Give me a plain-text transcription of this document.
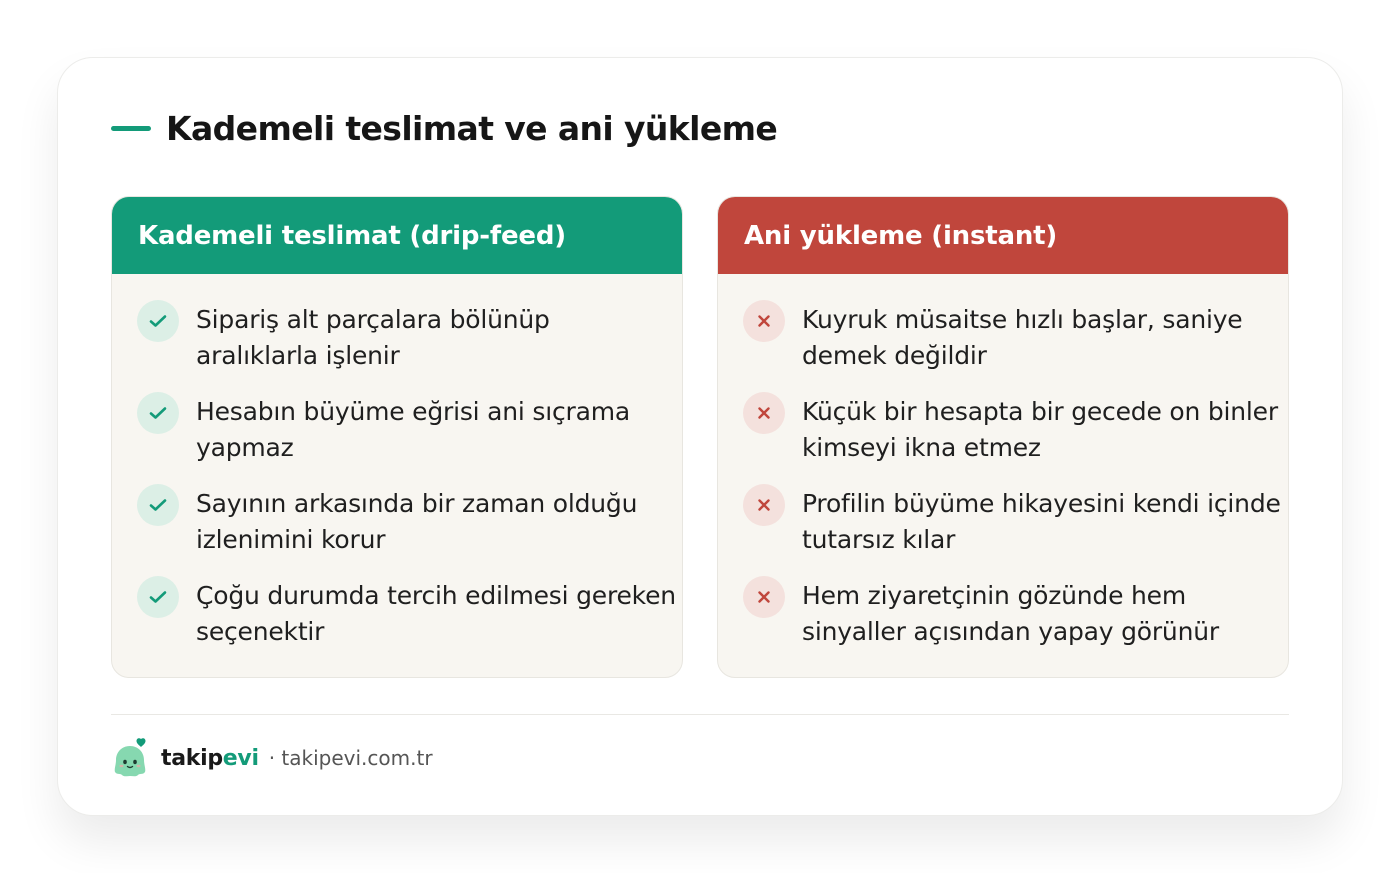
Kademeli teslimat ve ani yükleme
Kademeli teslimat (drip-feed)
Sipariş alt parçalara bölünüp aralıklarla işlenir
Hesabın büyüme eğrisi ani sıçrama yapmaz
Sayının arkasında bir zaman olduğu izlenimini korur
Çoğu durumda tercih edilmesi gereken seçenektir
Ani yükleme (instant)
Kuyruk müsaitse hızlı başlar, saniye demek değildir
Küçük bir hesapta bir gecede on binler kimseyi ikna etmez
Profilin büyüme hikayesini kendi içinde tutarsız kılar
Hem ziyaretçinin gözünde hem sinyaller açısından yapay görünür
takipevi · takipevi.com.tr
